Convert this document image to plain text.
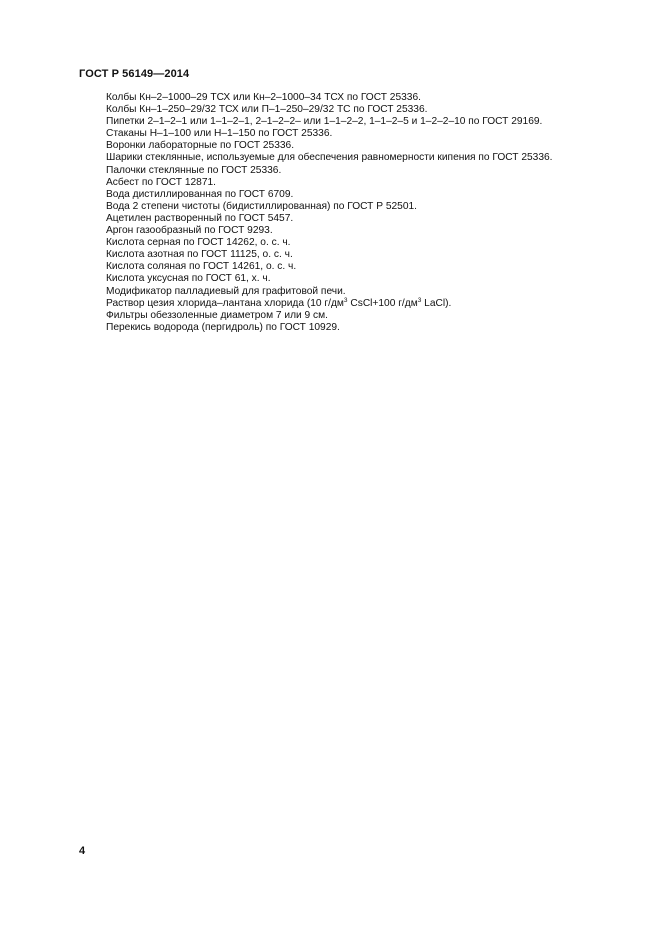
ГОСТ Р 56149—2014
Колбы Кн–2–1000–29 ТСХ или Кн–2–1000–34 ТСХ по ГОСТ 25336.
Колбы Кн–1–250–29/32 ТСХ или П–1–250–29/32 ТС по ГОСТ 25336.
Пипетки 2–1–2–1 или 1–1–2–1, 2–1–2–2– или 1–1–2–2, 1–1–2–5 и 1–2–2–10 по ГОСТ 29169.
Стаканы Н–1–100 или Н–1–150 по ГОСТ 25336.
Воронки лабораторные по ГОСТ 25336.
Шарики стеклянные, используемые для обеспечения равномерности кипения по ГОСТ 25336.
Палочки стеклянные по ГОСТ 25336.
Асбест по ГОСТ 12871.
Вода дистиллированная по ГОСТ 6709.
Вода 2 степени чистоты (бидистиллированная) по ГОСТ Р 52501.
Ацетилен растворенный по ГОСТ 5457.
Аргон газообразный по ГОСТ 9293.
Кислота серная по ГОСТ 14262, о. с. ч.
Кислота азотная по ГОСТ 11125, о. с. ч.
Кислота соляная по ГОСТ 14261, о. с. ч.
Кислота уксусная по ГОСТ 61, х. ч.
Модификатор палладиевый для графитовой печи.
Раствор цезия хлорида–лантана хлорида (10 $г/дм^3$ CsCl+100 $г/дм^3$ LaCl).
Фильтры обеззоленные диаметром 7 или 9 см.
Перекись водорода (пергидроль) по ГОСТ 10929.
4
